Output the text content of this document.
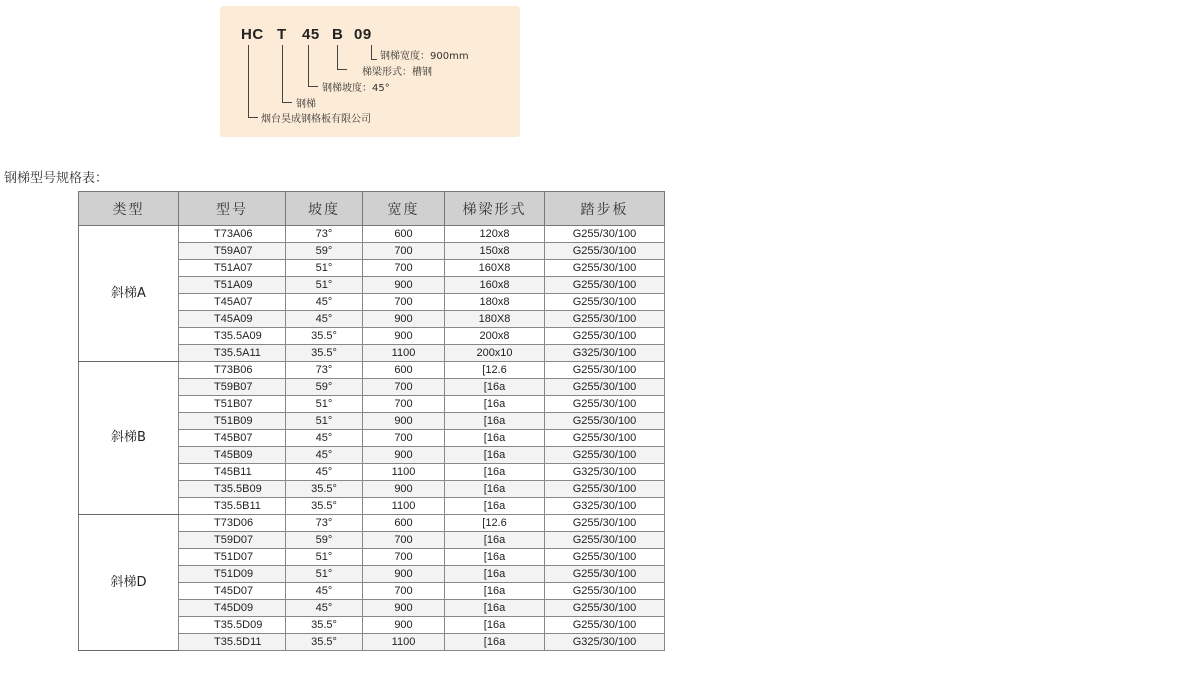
HC T 45 B 09
钢梯宽度：900mm
梯梁形式：槽钢
钢梯坡度：45°
钢梯
烟台昊成钢格板有限公司
钢梯型号规格表：
类型	型号	坡度	宽度	梯梁形式	踏步板
斜梯A	T73A06	73°	600	120x8	G255/30/100
	T59A07	59°	700	150x8	G255/30/100
	T51A07	51°	700	160X8	G255/30/100
	T51A09	51°	900	160x8	G255/30/100
	T45A07	45°	700	180x8	G255/30/100
	T45A09	45°	900	180X8	G255/30/100
	T35.5A09	35.5°	900	200x8	G255/30/100
	T35.5A11	35.5°	1100	200x10	G325/30/100
斜梯B	T73B06	73°	600	[12.6	G255/30/100
	T59B07	59°	700	[16a	G255/30/100
	T51B07	51°	700	[16a	G255/30/100
	T51B09	51°	900	[16a	G255/30/100
	T45B07	45°	700	[16a	G255/30/100
	T45B09	45°	900	[16a	G255/30/100
	T45B11	45°	1100	[16a	G325/30/100
	T35.5B09	35.5°	900	[16a	G255/30/100
	T35.5B11	35.5°	1100	[16a	G325/30/100
斜梯D	T73D06	73°	600	[12.6	G255/30/100
	T59D07	59°	700	[16a	G255/30/100
	T51D07	51°	700	[16a	G255/30/100
	T51D09	51°	900	[16a	G255/30/100
	T45D07	45°	700	[16a	G255/30/100
	T45D09	45°	900	[16a	G255/30/100
	T35.5D09	35.5°	900	[16a	G255/30/100
	T35.5D11	35.5°	1100	[16a	G325/30/100
